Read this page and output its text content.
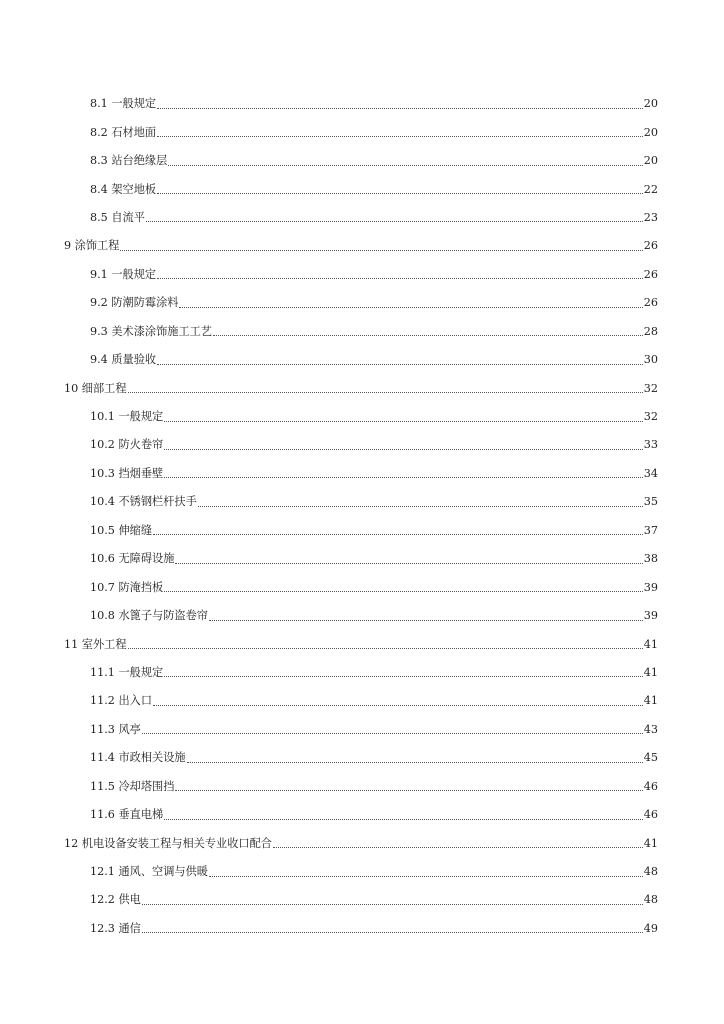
8.1 一般规定	20
8.2 石材地面	20
8.3 站台绝缘层	20
8.4 架空地板	22
8.5 自流平	23
9 涂饰工程	26
9.1 一般规定	26
9.2 防潮防霉涂料	26
9.3 美术漆涂饰施工工艺	28
9.4 质量验收	30
10 细部工程	32
10.1 一般规定	32
10.2 防火卷帘	33
10.3 挡烟垂壁	34
10.4 不锈钢栏杆扶手	35
10.5 伸缩缝	37
10.6 无障碍设施	38
10.7 防淹挡板	39
10.8 水篦子与防盗卷帘	39
11 室外工程	41
11.1 一般规定	41
11.2 出入口	41
11.3 风亭	43
11.4 市政相关设施	45
11.5 冷却塔围挡	46
11.6 垂直电梯	46
12 机电设备安装工程与相关专业收口配合	41
12.1 通风、空调与供暖	48
12.2 供电	48
12.3 通信	49
